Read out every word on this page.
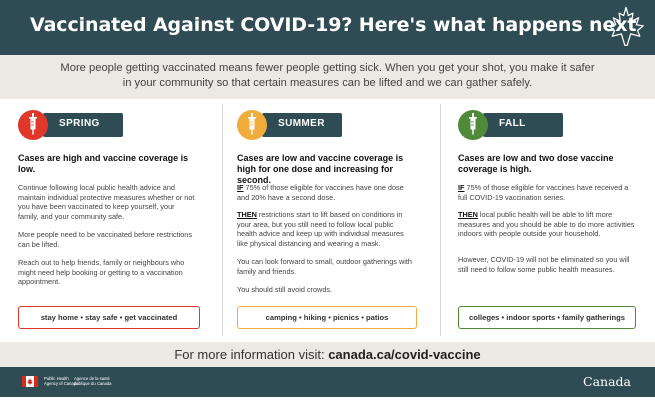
Vaccinated Against COVID-19? Here's what happens next

More people getting vaccinated means fewer people getting sick. When you get your shot, you make it safer in your community so that certain measures can be lifted and we can gather safely.

SPRING
Cases are high and vaccine coverage is low.

Continue following local public health advice and maintain individual protective measures whether or not you have been vaccinated to keep yourself, your family, and your community safe.

More people need to be vaccinated before restrictions can be lifted.

Reach out to help friends, family or neighbours who might need help booking or getting to a vaccination appointment.

stay home • stay safe • get vaccinated
SUMMER
Cases are low and vaccine coverage is high for one dose and increasing for second.

IF 75% of those eligible for vaccines have one dose and 20% have a second dose.

THEN restrictions start to lift based on conditions in your area, but you still need to follow local public health advice and keep up with individual measures like physical distancing and wearing a mask.

You can look forward to small, outdoor gatherings with family and friends.

You should still avoid crowds.

camping • hiking • picnics • patios
FALL
Cases are low and two dose vaccine coverage is high.

IF 75% of those eligible for vaccines have received a full COVID-19 vaccination series.

THEN local public health will be able to lift more measures and you should be able to do more activities indoors with people outside your household.

However, COVID-19 will not be eliminated so you will still need to follow some public health measures.

colleges • indoor sports • family gatherings
For more information visit: canada.ca/covid-vaccine
Public Health
Agency of Canada
Agence de la santé
publique du Canada	Canada
